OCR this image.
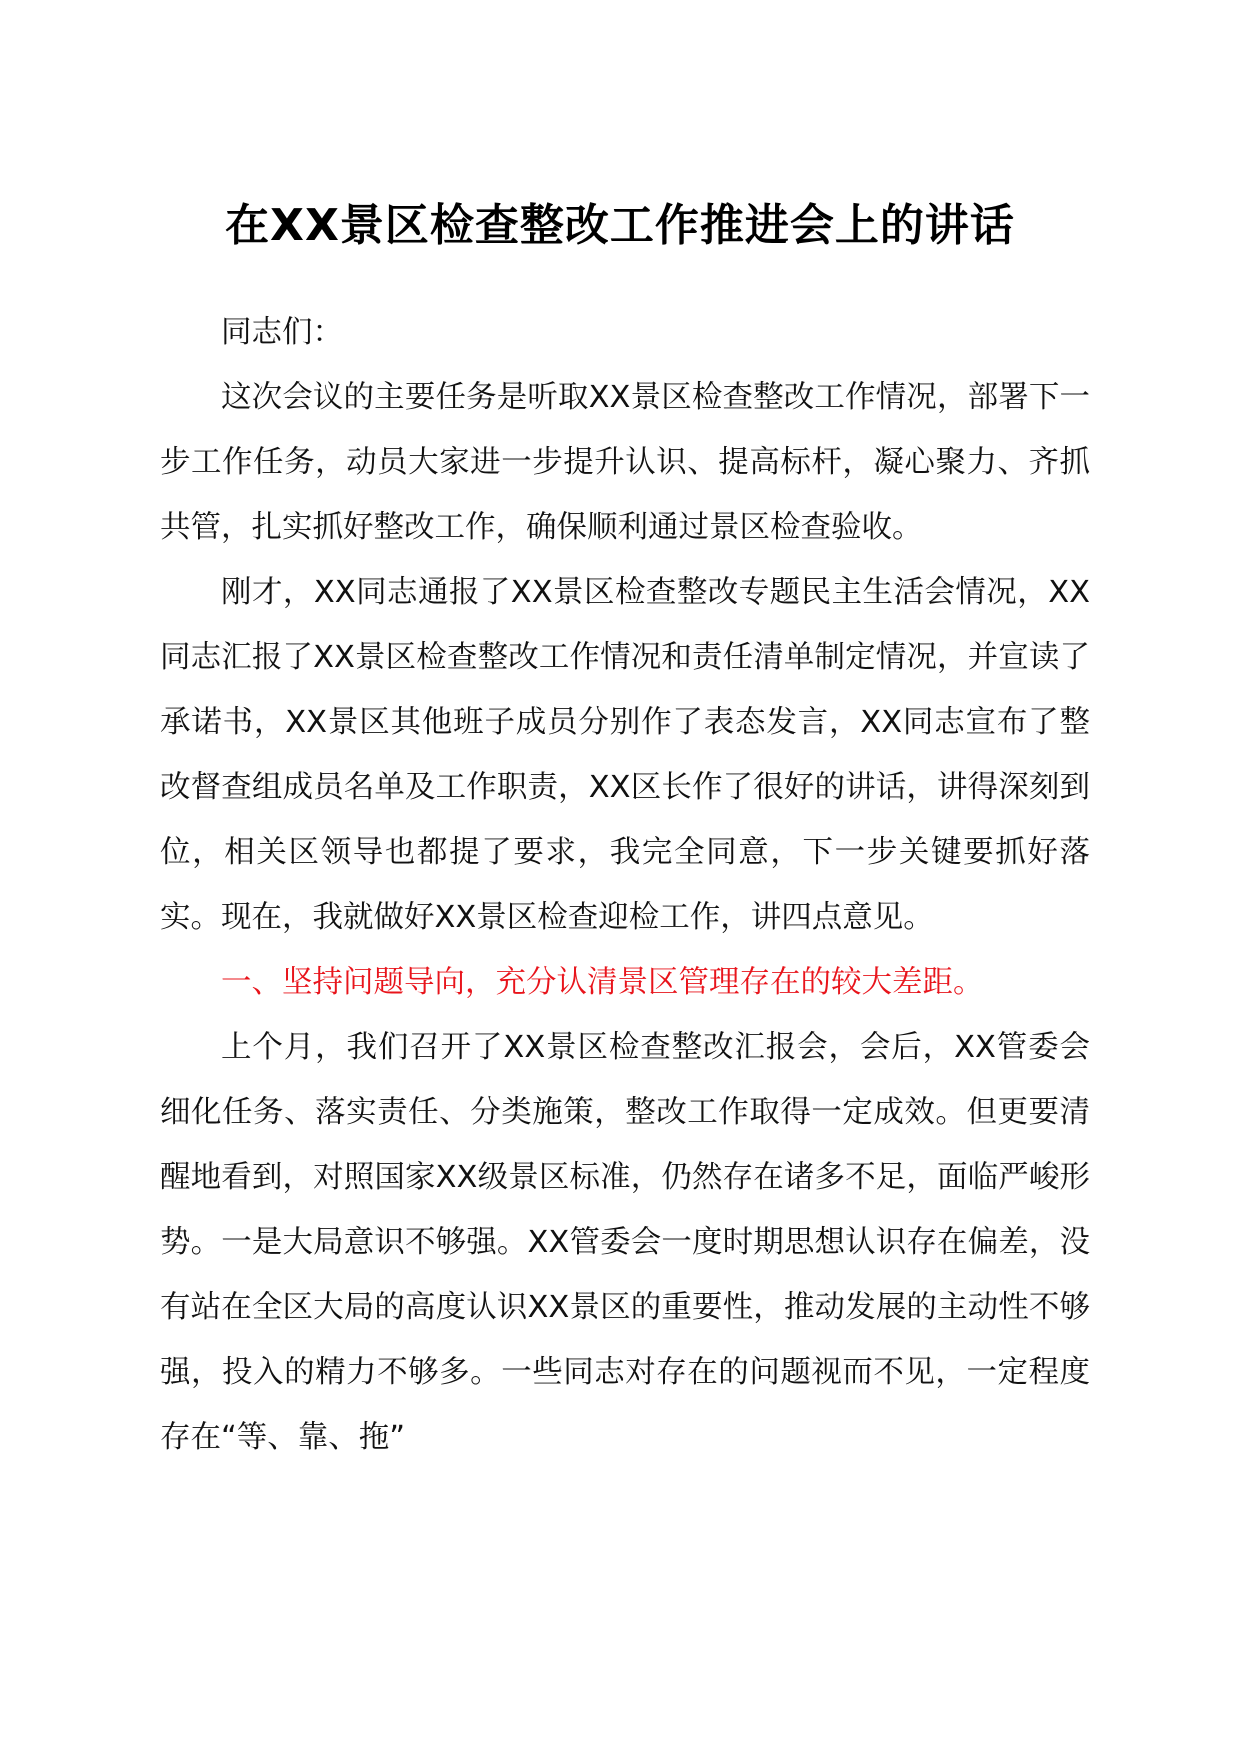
在XX景区检查整改工作推进会上的讲话

同志们：

这次会议的主要任务是听取XX景区检查整改工作情况，部署下一步工作任务，动员大家进一步提升认识、提高标杆，凝心聚力、齐抓共管，扎实抓好整改工作，确保顺利通过景区检查验收。

刚才，XX同志通报了XX景区检查整改专题民主生活会情况，XX同志汇报了XX景区检查整改工作情况和责任清单制定情况，并宣读了承诺书，XX景区其他班子成员分别作了表态发言，XX同志宣布了整改督查组成员名单及工作职责，XX区长作了很好的讲话，讲得深刻到位，相关区领导也都提了要求，我完全同意，下一步关键要抓好落实。现在，我就做好XX景区检查迎检工作，讲四点意见。

一、坚持问题导向，充分认清景区管理存在的较大差距。

上个月，我们召开了XX景区检查整改汇报会，会后，XX管委会细化任务、落实责任、分类施策，整改工作取得一定成效。但更要清醒地看到，对照国家XX级景区标准，仍然存在诸多不足，面临严峻形势。一是大局意识不够强。XX管委会一度时期思想认识存在偏差，没有站在全区大局的高度认识XX景区的重要性，推动发展的主动性不够强，投入的精力不够多。一些同志对存在的问题视而不见，一定程度存在“等、靠、拖”
